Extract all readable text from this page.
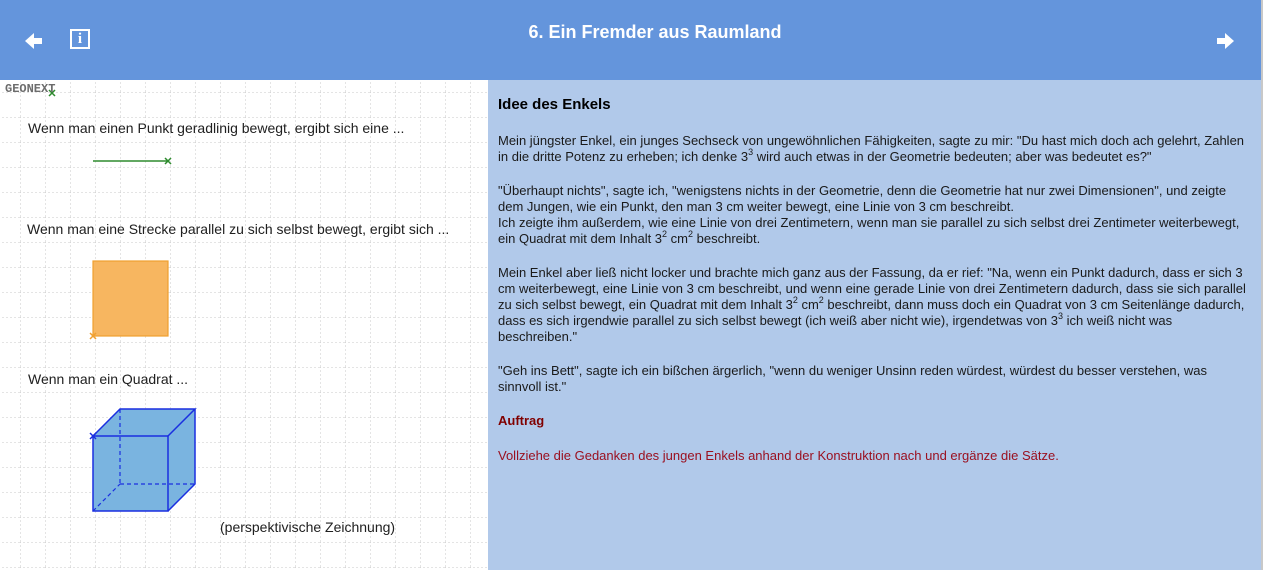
i	6. Ein Fremder aus Raumland
GEONEXT
Wenn man einen Punkt geradlinig bewegt, ergibt sich eine ...
Wenn man eine Strecke parallel zu sich selbst bewegt, ergibt sich ...
Wenn man ein Quadrat ...
(perspektivische Zeichnung)
Idee des Enkels

Mein jüngster Enkel, ein junges Sechseck von ungewöhnlichen Fähigkeiten, sagte zu mir: "Du hast mich doch ach gelehrt, Zahlen in die dritte Potenz zu erheben; ich denke $3^3$ wird auch etwas in der Geometrie bedeuten; aber was bedeutet es?"

"Überhaupt nichts", sagte ich, "wenigstens nichts in der Geometrie, denn die Geometrie hat nur zwei Dimensionen", und zeigte dem Jungen, wie ein Punkt, den man 3 cm weiter bewegt, eine Linie von 3 cm beschreibt.
Ich zeigte ihm außerdem, wie eine Linie von drei Zentimetern, wenn man sie parallel zu sich selbst drei Zentimeter weiterbewegt, ein Quadrat mit dem Inhalt $3^2$ $cm^2$ beschreibt.

Mein Enkel aber ließ nicht locker und brachte mich ganz aus der Fassung, da er rief: "Na, wenn ein Punkt dadurch, dass er sich 3 cm weiterbewegt, eine Linie von 3 cm beschreibt, und wenn eine gerade Linie von drei Zentimetern dadurch, dass sie sich parallel zu sich selbst bewegt, ein Quadrat mit dem Inhalt $3^2$ $cm^2$ beschreibt, dann muss doch ein Quadrat von 3 cm Seitenlänge dadurch, dass es sich irgendwie parallel zu sich selbst bewegt (ich weiß aber nicht wie), irgendetwas von $3^3$ ich weiß nicht was beschreiben."

"Geh ins Bett", sagte ich ein bißchen ärgerlich, "wenn du weniger Unsinn reden würdest, würdest du besser verstehen, was sinnvoll ist."

Auftrag

Vollziehe die Gedanken des jungen Enkels anhand der Konstruktion nach und ergänze die Sätze.
